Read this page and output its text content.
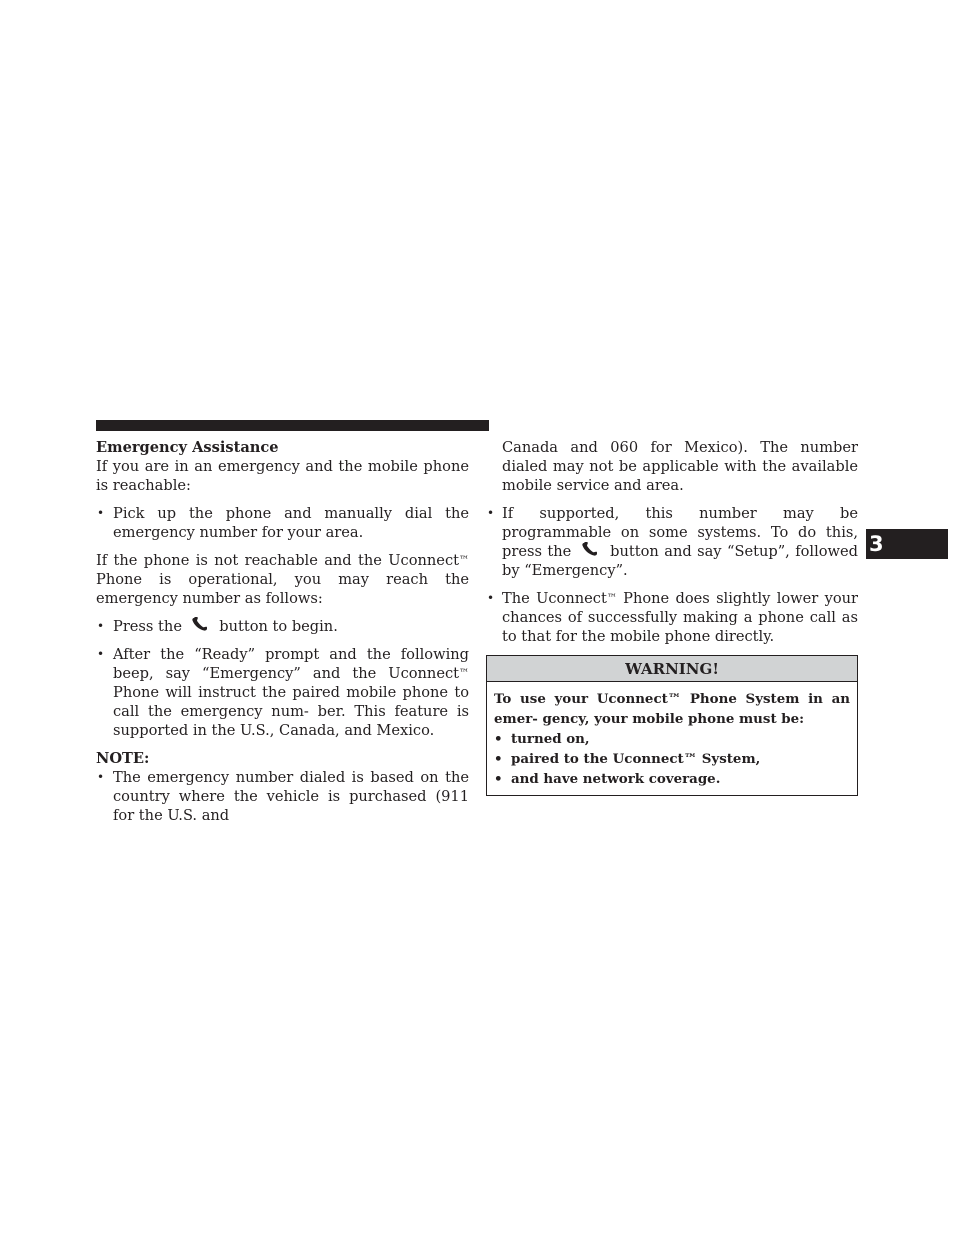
Emergency Assistance

If you are in an emergency and the mobile phone is reachable:

• Pick up the phone and manually dial the emergency number for your area.

If the phone is not reachable and the Uconnect™ Phone is operational, you may reach the emergency number as follows:

• Press the	button to begin.
• After the “Ready” prompt and the following beep, say “Emergency” and the Uconnect™ Phone will instruct the paired mobile phone to call the emergency num- ber. This feature is supported in the U.S., Canada, and Mexico.

NOTE:

• The emergency number dialed is based on the country where the vehicle is purchased (911 for the U.S. and
Canada and 060 for Mexico). The number dialed may not be applicable with the available mobile service and area.
• If supported, this number may be programmable on some systems. To do this, press the	button and say “Setup”, followed by “Emergency”.
• The Uconnect™ Phone does slightly lower your chances of successfully making a phone call as to that for the mobile phone directly.
WARNING!

To use your Uconnect™ Phone System in an emer- gency, your mobile phone must be:

• turned on,
• paired to the Uconnect™ System,
• and have network coverage.
3
